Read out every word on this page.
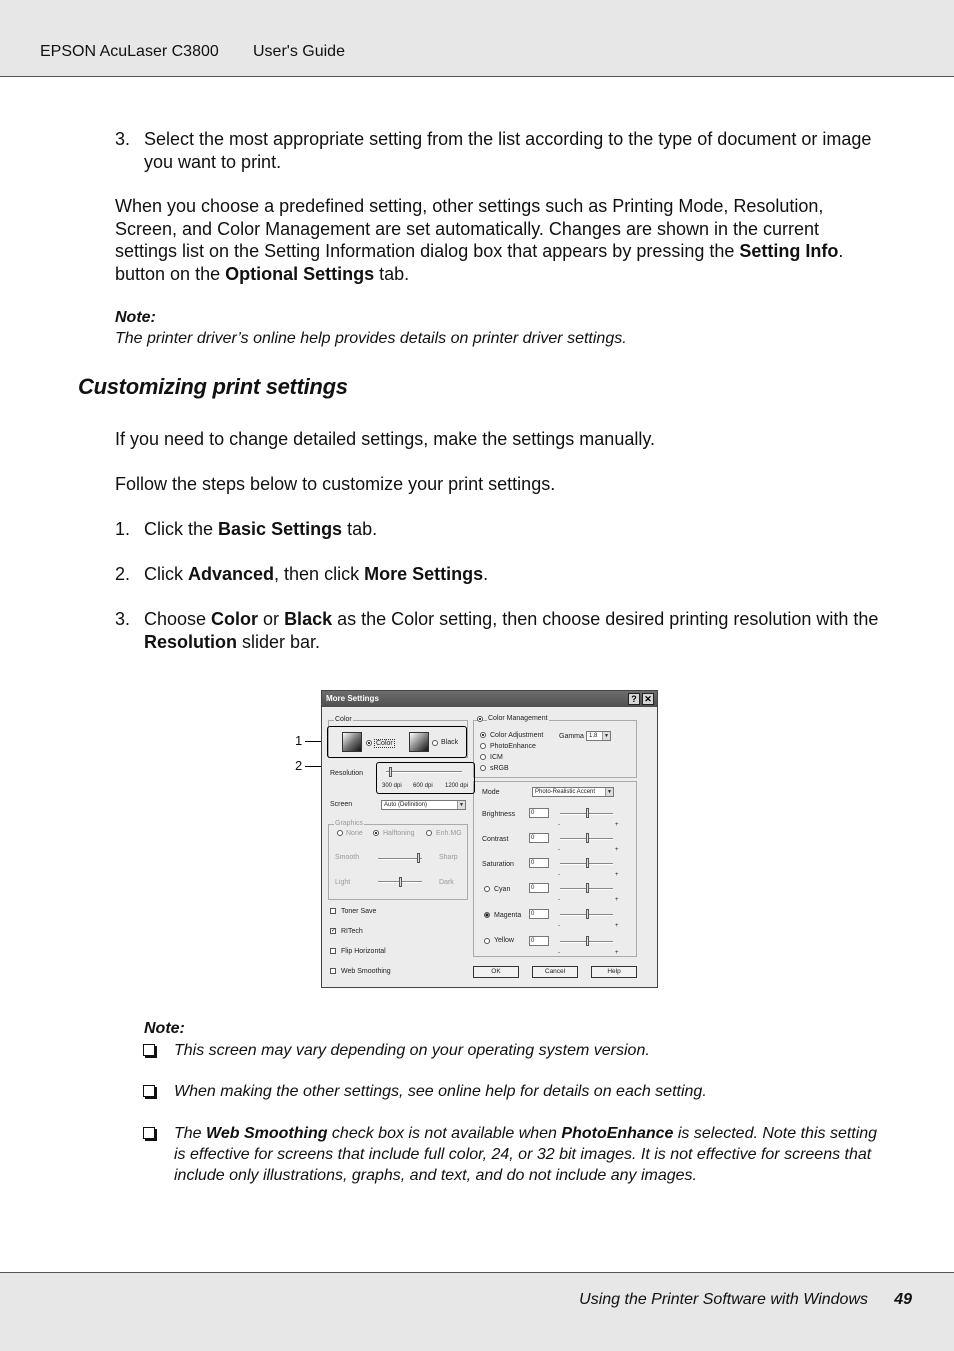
EPSON AcuLaser C3800 User's Guide
3. Select the most appropriate setting from the list according to the type of document or image you want to print.
When you choose a predefined setting, other settings such as Printing Mode, Resolution, Screen, and Color Management are set automatically. Changes are shown in the current settings list on the Setting Information dialog box that appears by pressing the Setting Info. button on the Optional Settings tab.
Note:
The printer driver’s online help provides details on printer driver settings.
Customizing print settings
If you need to change detailed settings, make the settings manually.
Follow the steps below to customize your print settings.
1. Click the Basic Settings tab.
2. Click Advanced, then click More Settings.
3. Choose Color or Black as the Color setting, then choose desired printing resolution with the Resolution slider bar.
1
2
More Settings	? ✕
Color
Color	Black
Resolution
300 dpi 600 dpi 1200 dpi
Screen	Auto (Definition)	▼
Graphics
None	Halftoning	Enh.MG
Smooth	Sharp
Light	Dark
Toner Save
✓ RITech
Flip Horizontal
Web Smoothing
Color Management
Color Adjustment
PhotoEnhance
ICM
sRGB
Gamma 1.8	▼
Mode	Photo-Realistic Accent	▼
Brightness	0
-	+
Contrast	0
-	+
Saturation	0
-	+
Cyan	0
-	+
Magenta	0
-	+
Yellow	0
-	+
OK	Cancel	Help
Note:
This screen may vary depending on your operating system version.
When making the other settings, see online help for details on each setting.
The Web Smoothing check box is not available when PhotoEnhance is selected. Note this setting is effective for screens that include full color, 24, or 32 bit images. It is not effective for screens that include only illustrations, graphs, and text, and do not include any images.
Using the Printer Software with Windows 49
